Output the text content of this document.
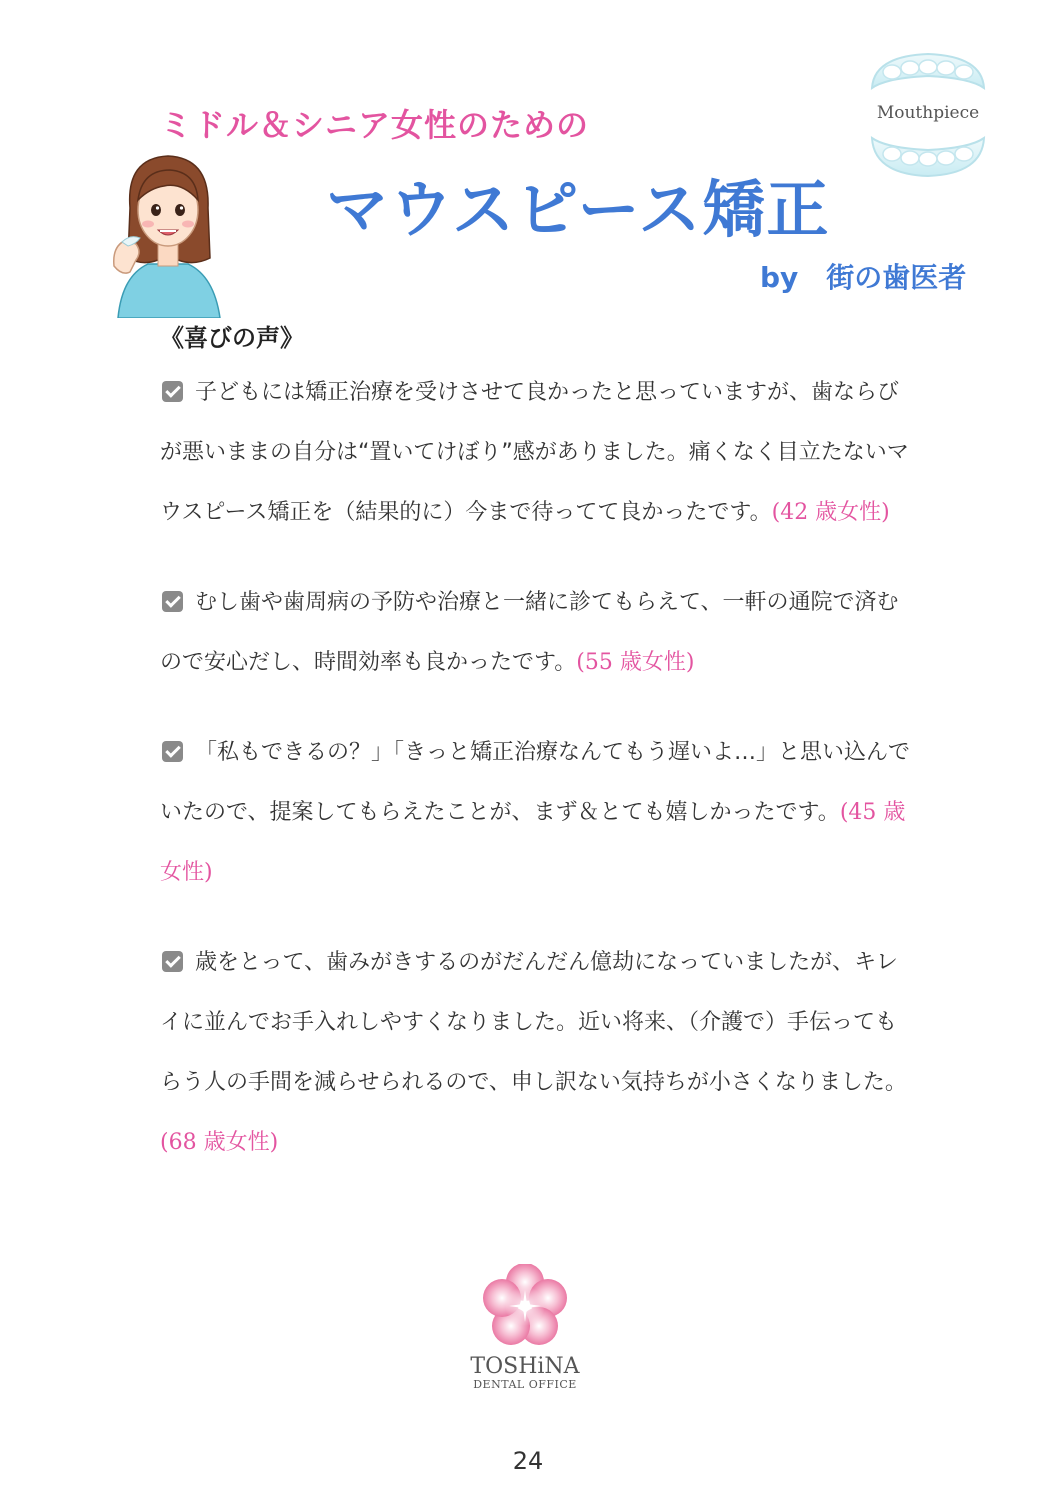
Mouthpiece
ミドル＆シニア女性のための
マウスピース矯正
by　街の歯医者
《喜びの声》
子どもには矯正治療を受けさせて良かったと思っていますが、歯ならびが悪いままの自分は“置いてけぼり”感がありました。痛くなく目立たないマウスピース矯正を（結果的に）今まで待ってて良かったです。(42 歳女性)
むし歯や歯周病の予防や治療と一緒に診てもらえて、一軒の通院で済むので安心だし、時間効率も良かったです。(55 歳女性)
「私もできるの？」「きっと矯正治療なんてもう遅いよ…」と思い込んでいたので、提案してもらえたことが、まず＆とても嬉しかったです。(45 歳女性)
歳をとって、歯みがきするのがだんだん億劫になっていましたが、キレイに並んでお手入れしやすくなりました。近い将来、（介護で）手伝ってもらう人の手間を減らせられるので、申し訳ない気持ちが小さくなりました。(68 歳女性)
TOSHiNA
DENTAL OFFICE
24
